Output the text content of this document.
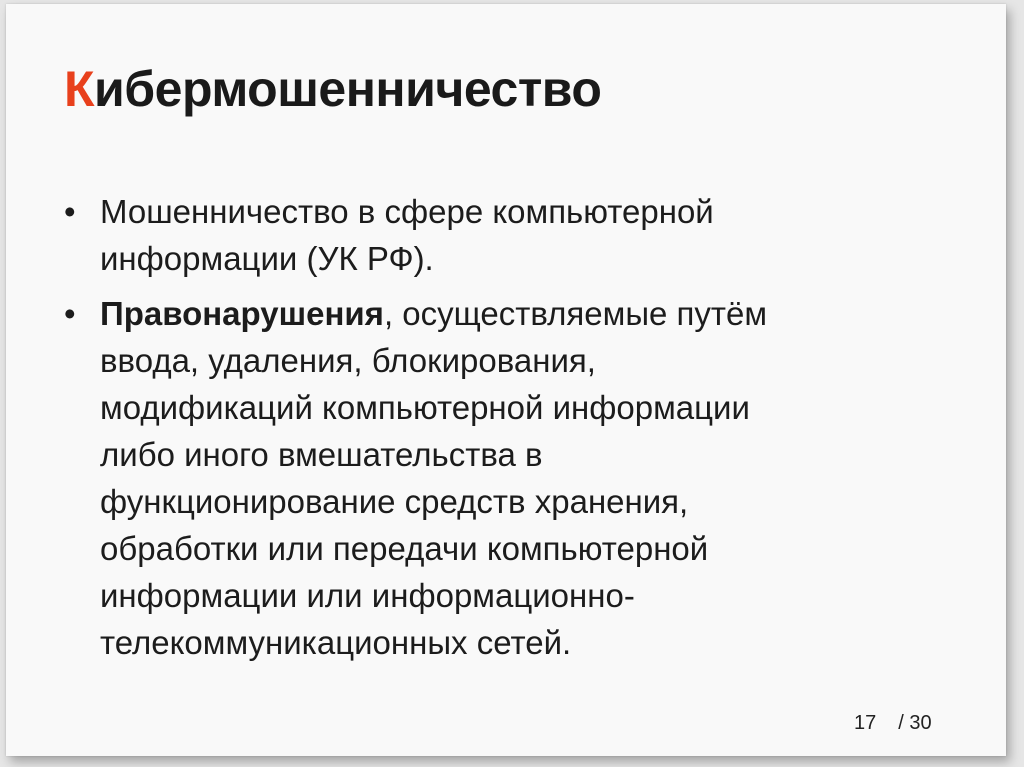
Кибермошенничество
• Мошенничество в сфере компьютерной
информации (УК РФ).
• Правонарушения, осуществляемые путём
ввода, удаления, блокирования,
модификаций компьютерной информации
либо иного вмешательства в
функционирование средств хранения,
обработки или передачи компьютерной
информации или информационно-
телекоммуникационных сетей.
17 / 30
